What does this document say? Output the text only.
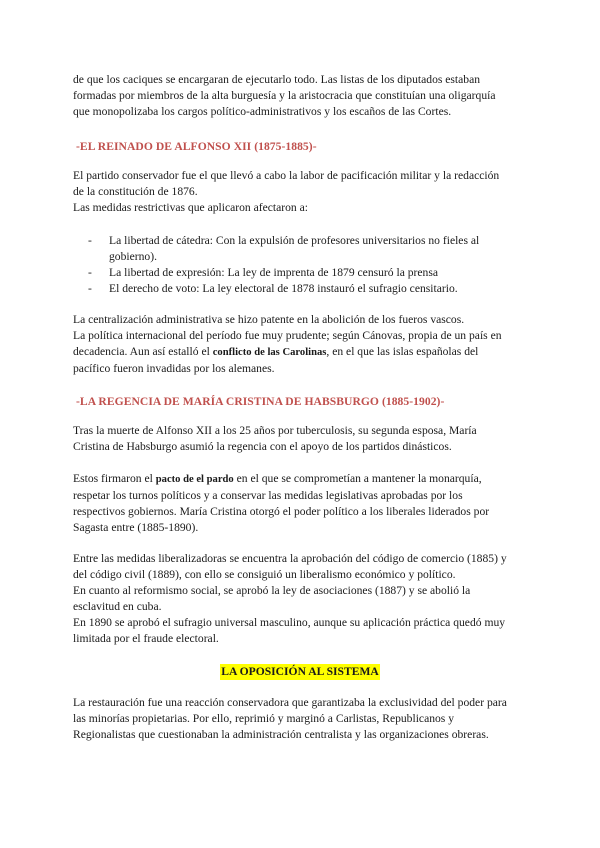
de que los caciques se encargaran de ejecutarlo todo. Las listas de los diputados estaban

formadas por miembros de la alta burguesía y la aristocracia que constituían una oligarquía

que monopolizaba los cargos político-administrativos y los escaños de las Cortes.

-EL REINADO DE ALFONSO XII (1875-1885)-

El partido conservador fue el que llevó a cabo la labor de pacificación militar y la redacción

de la constitución de 1876.

Las medidas restrictivas que aplicaron afectaron a:

-	La libertad de cátedra: Con la expulsión de profesores universitarios no fieles al
gobierno).
-	La libertad de expresión: La ley de imprenta de 1879 censuró la prensa
-	El derecho de voto: La ley electoral de 1878 instauró el sufragio censitario.

La centralización administrativa se hizo patente en la abolición de los fueros vascos.

La política internacional del período fue muy prudente; según Cánovas, propia de un país en

decadencia. Aun así estalló el conflicto de las Carolinas, en el que las islas españolas del

pacífico fueron invadidas por los alemanes.

-LA REGENCIA DE MARÍA CRISTINA DE HABSBURGO (1885-1902)-

Tras la muerte de Alfonso XII a los 25 años por tuberculosis, su segunda esposa, María

Cristina de Habsburgo asumió la regencia con el apoyo de los partidos dinásticos.

Estos firmaron el pacto de el pardo en el que se comprometían a mantener la monarquía,

respetar los turnos políticos y a conservar las medidas legislativas aprobadas por los

respectivos gobiernos. María Cristina otorgó el poder político a los liberales liderados por

Sagasta entre (1885-1890).

Entre las medidas liberalizadoras se encuentra la aprobación del código de comercio (1885) y

del código civil (1889), con ello se consiguió un liberalismo económico y político.

En cuanto al reformismo social, se aprobó la ley de asociaciones (1887) y se abolió la

esclavitud en cuba.

En 1890 se aprobó el sufragio universal masculino, aunque su aplicación práctica quedó muy

limitada por el fraude electoral.

LA OPOSICIÓN AL SISTEMA

La restauración fue una reacción conservadora que garantizaba la exclusividad del poder para

las minorías propietarias. Por ello, reprimió y marginó a Carlistas, Republicanos y

Regionalistas que cuestionaban la administración centralista y las organizaciones obreras.
